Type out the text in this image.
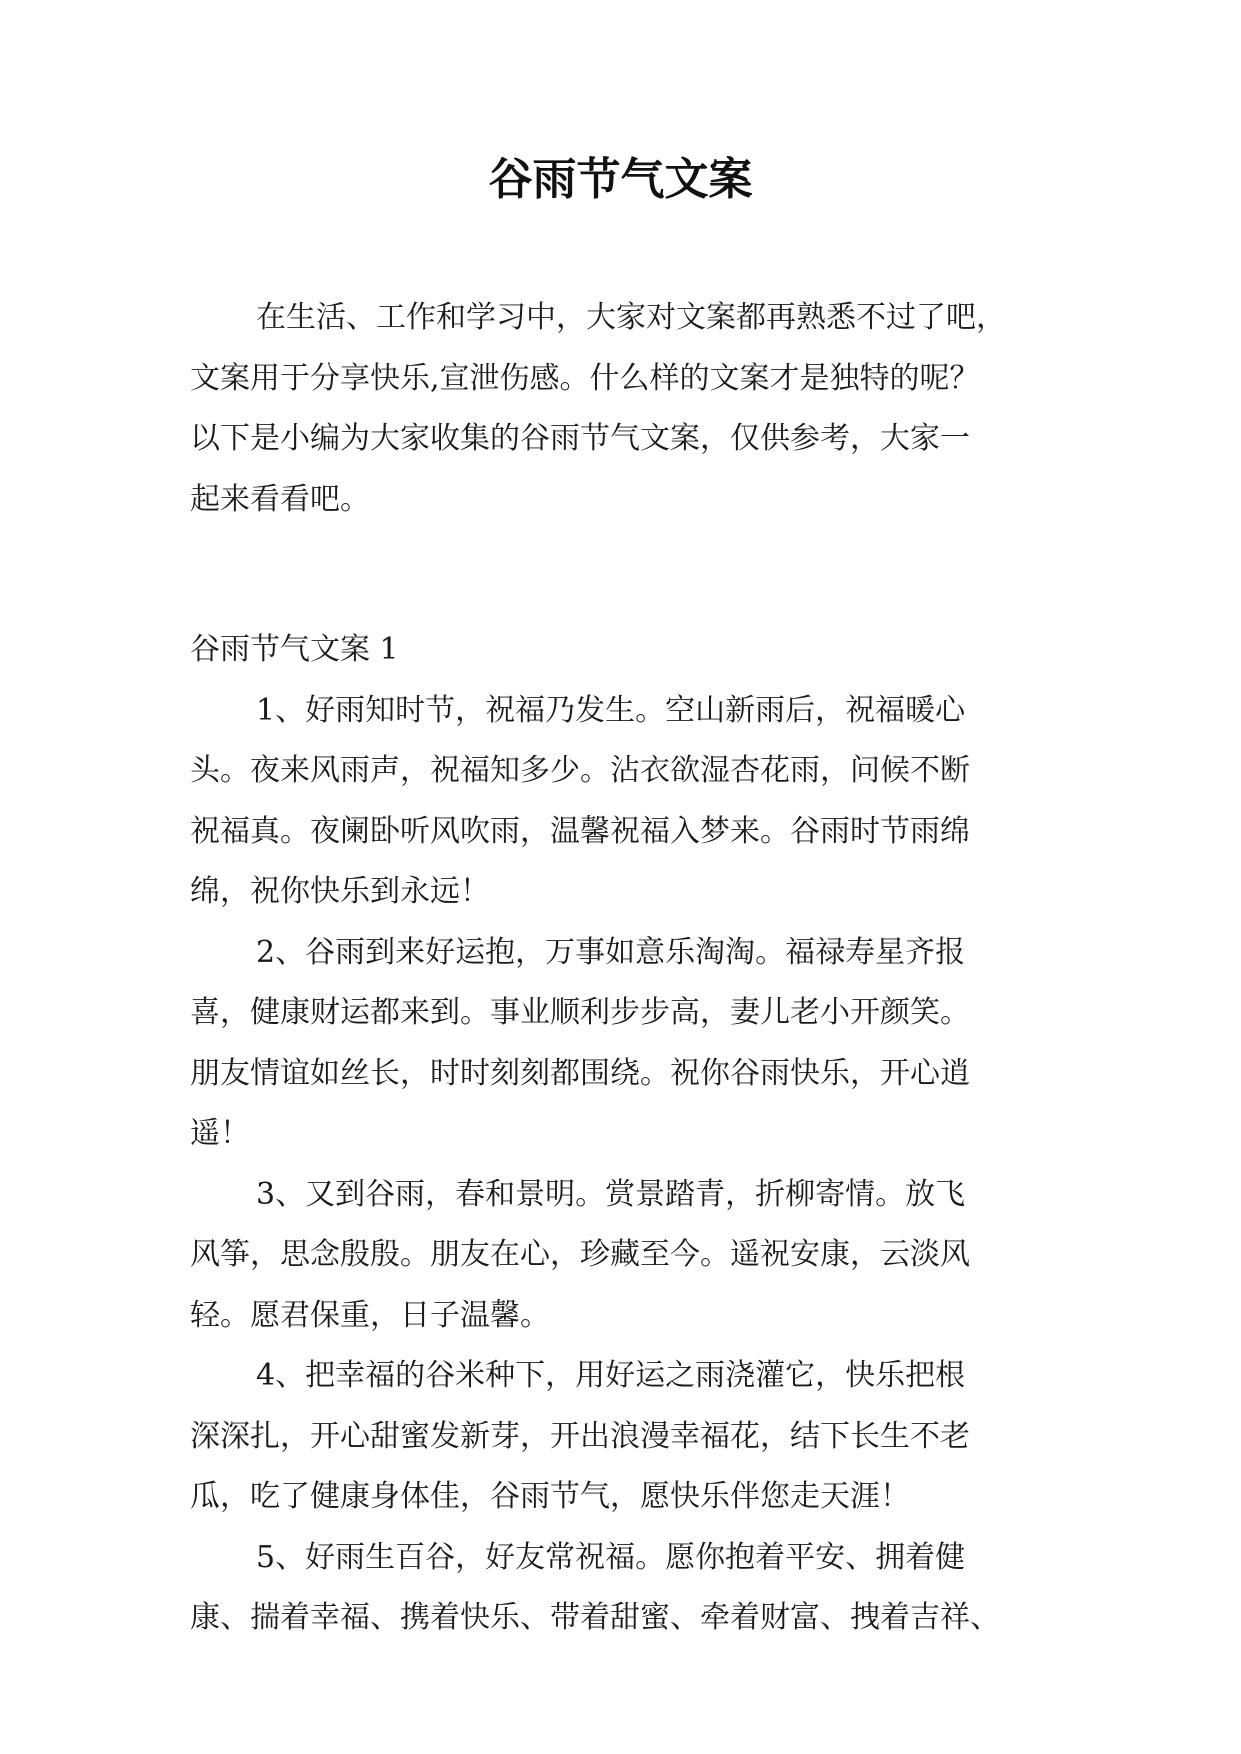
谷雨节气文案
在生活、工作和学习中，大家对文案都再熟悉不过了吧，
文案用于分享快乐,宣泄伤感。什么样的文案才是独特的呢？
以下是小编为大家收集的谷雨节气文案，仅供参考，大家一
起来看看吧。
谷雨节气文案 1
1、好雨知时节，祝福乃发生。空山新雨后，祝福暖心
头。夜来风雨声，祝福知多少。沾衣欲湿杏花雨，问候不断
祝福真。夜阑卧听风吹雨，温馨祝福入梦来。谷雨时节雨绵
绵，祝你快乐到永远！
2、谷雨到来好运抱，万事如意乐淘淘。福禄寿星齐报
喜，健康财运都来到。事业顺利步步高，妻儿老小开颜笑。
朋友情谊如丝长，时时刻刻都围绕。祝你谷雨快乐，开心逍
遥！
3、又到谷雨，春和景明。赏景踏青，折柳寄情。放飞
风筝，思念殷殷。朋友在心，珍藏至今。遥祝安康，云淡风
轻。愿君保重，日子温馨。
4、把幸福的谷米种下，用好运之雨浇灌它，快乐把根
深深扎，开心甜蜜发新芽，开出浪漫幸福花，结下长生不老
瓜，吃了健康身体佳，谷雨节气，愿快乐伴您走天涯！
5、好雨生百谷，好友常祝福。愿你抱着平安、拥着健
康、揣着幸福、携着快乐、带着甜蜜、牵着财富、拽着吉祥、
